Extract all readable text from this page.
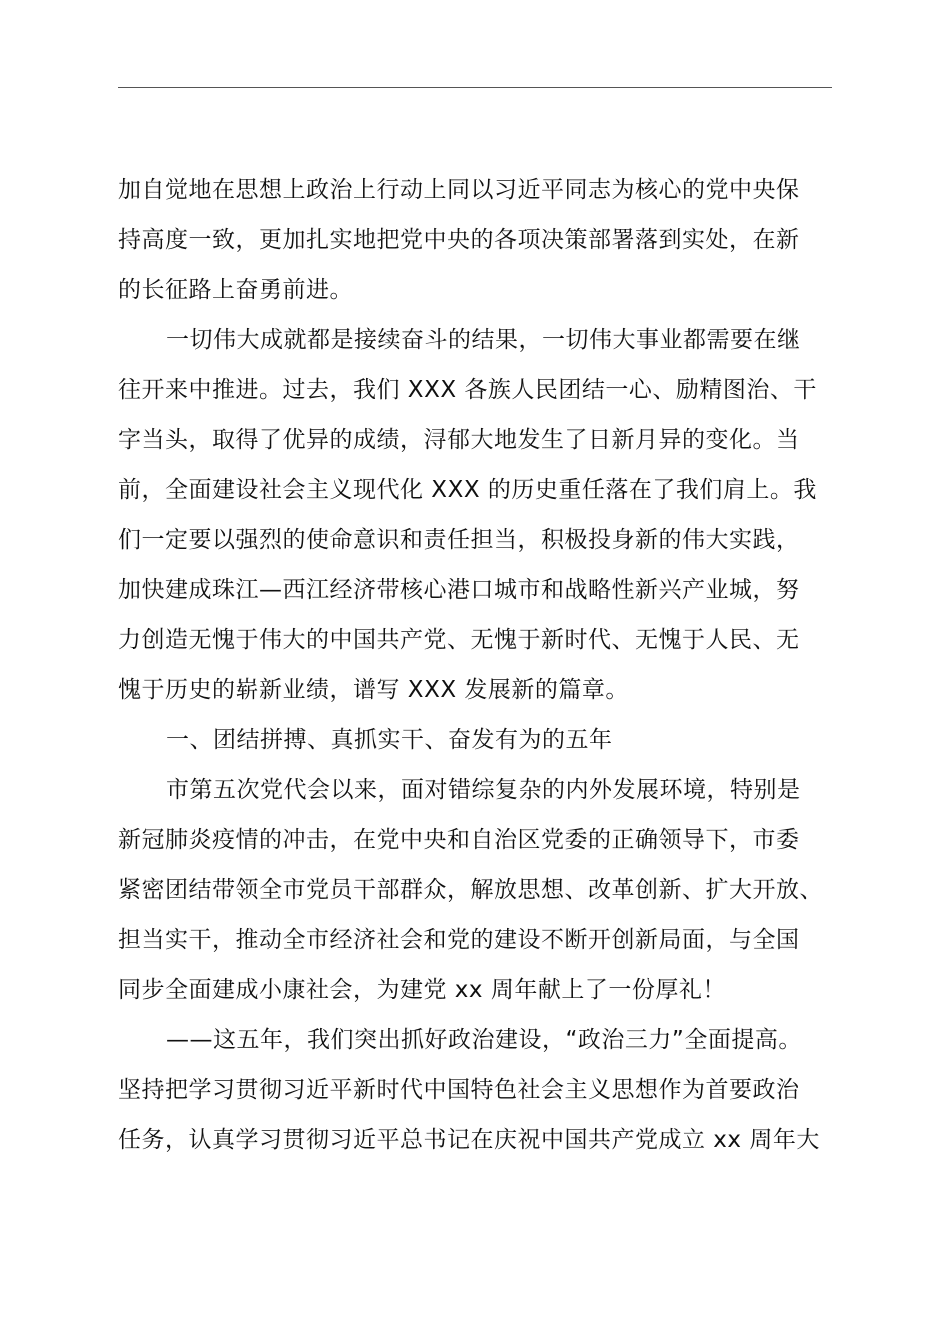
加自觉地在思想上政治上行动上同以习近平同志为核心的党中央保
持高度一致，更加扎实地把党中央的各项决策部署落到实处，在新
的长征路上奋勇前进。
一切伟大成就都是接续奋斗的结果，一切伟大事业都需要在继
往开来中推进。过去，我们 XXX 各族人民团结一心、励精图治、干
字当头，取得了优异的成绩，浔郁大地发生了日新月异的变化。当
前，全面建设社会主义现代化 XXX 的历史重任落在了我们肩上。我
们一定要以强烈的使命意识和责任担当，积极投身新的伟大实践，
加快建成珠江—西江经济带核心港口城市和战略性新兴产业城，努
力创造无愧于伟大的中国共产党、无愧于新时代、无愧于人民、无
愧于历史的崭新业绩，谱写 XXX 发展新的篇章。
一、团结拼搏、真抓实干、奋发有为的五年
市第五次党代会以来，面对错综复杂的内外发展环境，特别是
新冠肺炎疫情的冲击，在党中央和自治区党委的正确领导下，市委
紧密团结带领全市党员干部群众，解放思想、改革创新、扩大开放、
担当实干，推动全市经济社会和党的建设不断开创新局面，与全国
同步全面建成小康社会，为建党 xx 周年献上了一份厚礼！
——这五年，我们突出抓好政治建设，“政治三力”全面提高。
坚持把学习贯彻习近平新时代中国特色社会主义思想作为首要政治
任务，认真学习贯彻习近平总书记在庆祝中国共产党成立 xx 周年大
